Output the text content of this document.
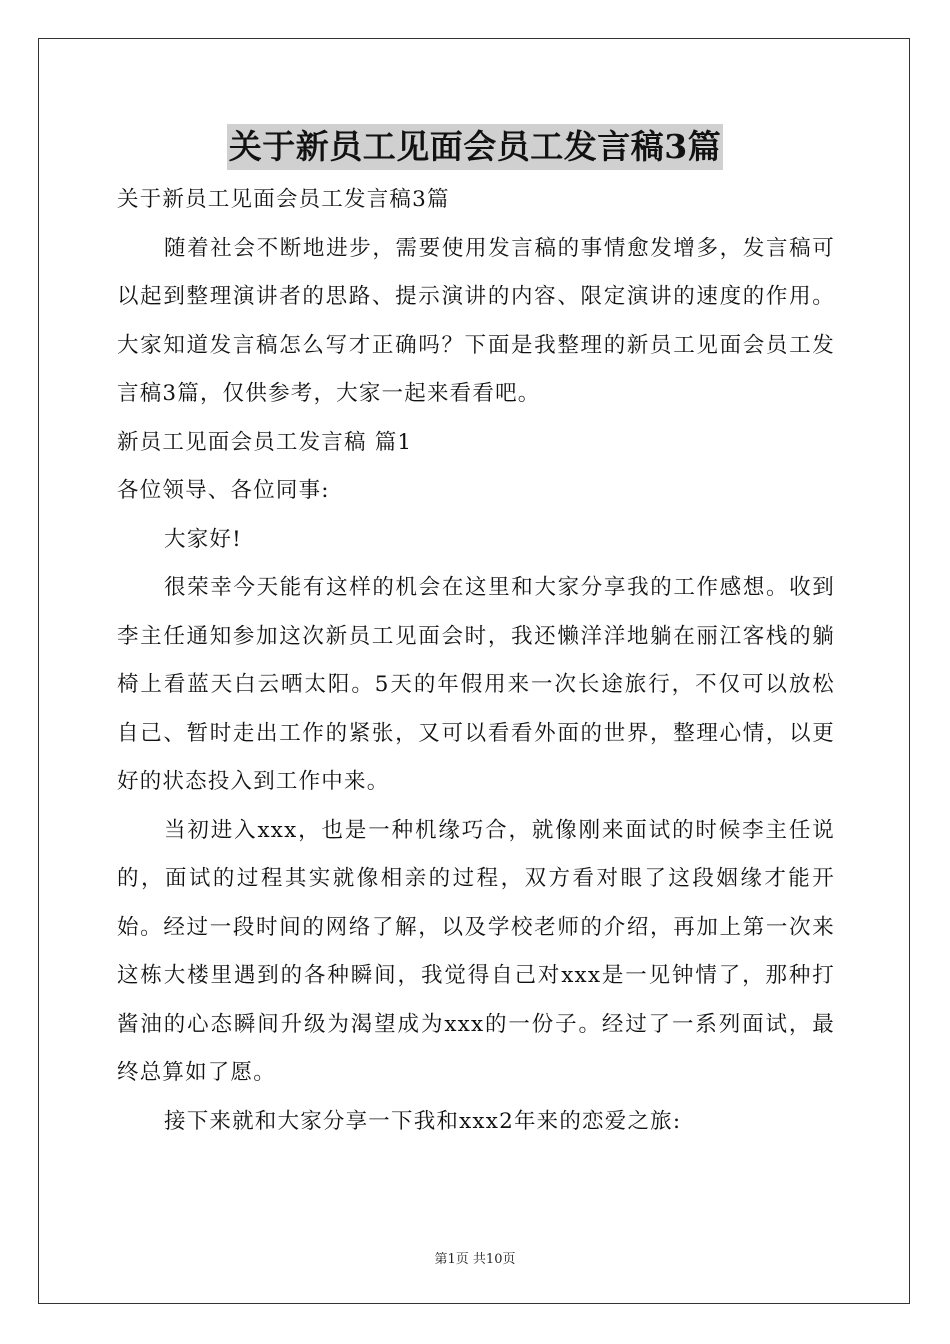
关于新员工见面会员工发言稿3篇

关于新员工见面会员工发言稿3篇

随着社会不断地进步，需要使用发言稿的事情愈发增多，发言稿可以起到整理演讲者的思路、提示演讲的内容、限定演讲的速度的作用。大家知道发言稿怎么写才正确吗？下面是我整理的新员工见面会员工发言稿3篇，仅供参考，大家一起来看看吧。

新员工见面会员工发言稿 篇1

各位领导、各位同事:

大家好!

很荣幸今天能有这样的机会在这里和大家分享我的工作感想。收到李主任通知参加这次新员工见面会时，我还懒洋洋地躺在丽江客栈的躺椅上看蓝天白云晒太阳。5天的年假用来一次长途旅行，不仅可以放松自己、暂时走出工作的紧张，又可以看看外面的世界，整理心情，以更好的状态投入到工作中来。

当初进入xxx，也是一种机缘巧合，就像刚来面试的时候李主任说的，面试的过程其实就像相亲的过程，双方看对眼了这段姻缘才能开始。经过一段时间的网络了解，以及学校老师的介绍，再加上第一次来这栋大楼里遇到的各种瞬间，我觉得自己对xxx是一见钟情了，那种打酱油的心态瞬间升级为渴望成为xxx的一份子。经过了一系列面试，最终总算如了愿。

接下来就和大家分享一下我和xxx2年来的恋爱之旅:

第1页 共10页
